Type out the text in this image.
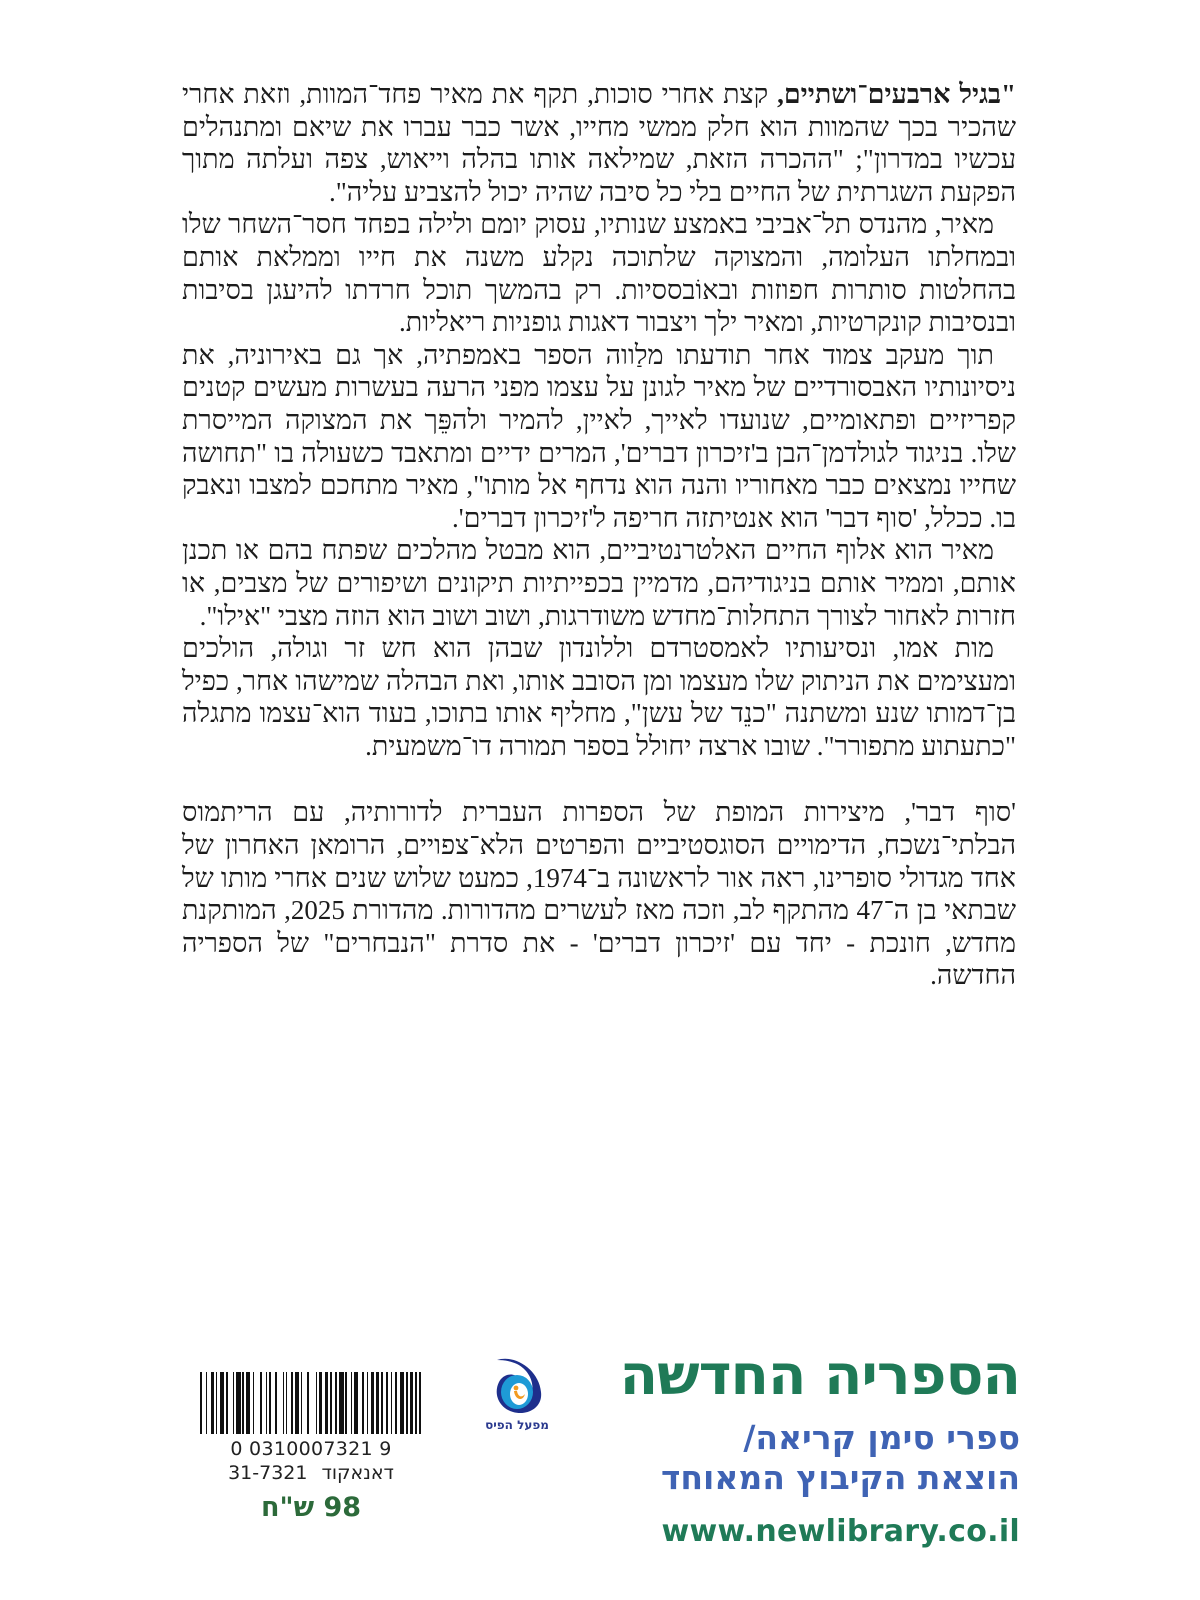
"בגיל ארבעים־ושתיים, קצת אחרי סוכות, תקף את מאיר פחד־המוות, וזאת אחרי שהכיר בכך שהמוות הוא חלק ממשי מחייו, אשר כבר עברו את שיאם ומתנהלים עכשיו במדרון"; "ההכרה הזאת, שמילאה אותו בהלה וייאוש, צפה ועלתה מתוך הפקעת השגרתית של החיים בלי כל סיבה שהיה יכול להצביע עליה".

מאיר, מהנדס תל־אביבי באמצע שנותיו, עסוק יומם ולילה בפחד חסר־השחר שלו ובמחלתו העלומה, והמצוקה שלתוכה נקלע משנה את חייו וממלאת אותם בהחלטות סותרות חפוזות ובאוֹבססיות. רק בהמשך תוכל חרדתו להיעגן בסיבות ובנסיבות קונקרטיות, ומאיר ילך ויצבור דאגות גופניות ריאליות.

תוך מעקב צמוד אחר תודעתו מלַווה הספר באמפתיה, אך גם באירוניה, את ניסיונותיו האבסורדיים של מאיר לגונן על עצמו מפני הרעה בעשרות מעשים קטנים קפריזיים ופתאומיים, שנועדו לאייך, לאיין, להמיר ולהפֵּך את המצוקה המייסרת שלו. בניגוד לגולדמן־הבן ב'זיכרון דברים', המרים ידיים ומתאבד כשעולה בו "תחושה שחייו נמצאים כבר מאחוריו והנה הוא נדחף אל מותו", מאיר מתחכם למצבו ונאבק בו. ככלל, 'סוף דבר' הוא אנטיתזה חריפה ל'זיכרון דברים'.

מאיר הוא אלוף החיים האלטרנטיביים, הוא מבטל מהלכים שפתח בהם או תכנן אותם, וממיר אותם בניגודיהם, מדמיין בכפייתיות תיקונים ושיפורים של מצבים, או חזרות לאחור לצורך התחלות־מחדש משודרגות, ושוב ושוב הוא הוזה מצבי "אילו".

מות אמו, ונסיעותיו לאמסטרדם וללונדון שבהן הוא חש זר וגולה, הולכים ומעצימים את הניתוק שלו מעצמו ומן הסובב אותו, ואת הבהלה שמישהו אחר, כפיל בן־דמותו שנע ומשתנה "כנֵד של עשן", מחליף אותו בתוכו, בעוד הוא־עצמו מתגלה "כתעתוע מתפורר". שובו ארצה יחולל בספר תמורה דו־משמעית.

'סוף דבר', מיצירות המופת של הספרות העברית לדורותיה, עם הריתמוס הבלתי־נשכח, הדימויים הסוגסטיביים והפרטים הלא־צפויים, הרומאן האחרון של אחד מגדולי סופרינו, ראה אור לראשונה ב־1974, כמעט שלוש שנים אחרי מותו של שבתאי בן ה־47 מהתקף לב, וזכה מאז לעשרים מהדורות. מהדורת 2025, המותקנת מחדש, חונכת - יחד עם 'זיכרון דברים' - את סדרת "הנבחרים" של הספריה החדשה.

0 0310007321 9
דאנאקוד31-7321
98 ש"ח
מפעל הפיס
הספריה החדשה
ספרי סימן קריאה/
הוצאת הקיבוץ המאוחד
www.newlibrary.co.il
